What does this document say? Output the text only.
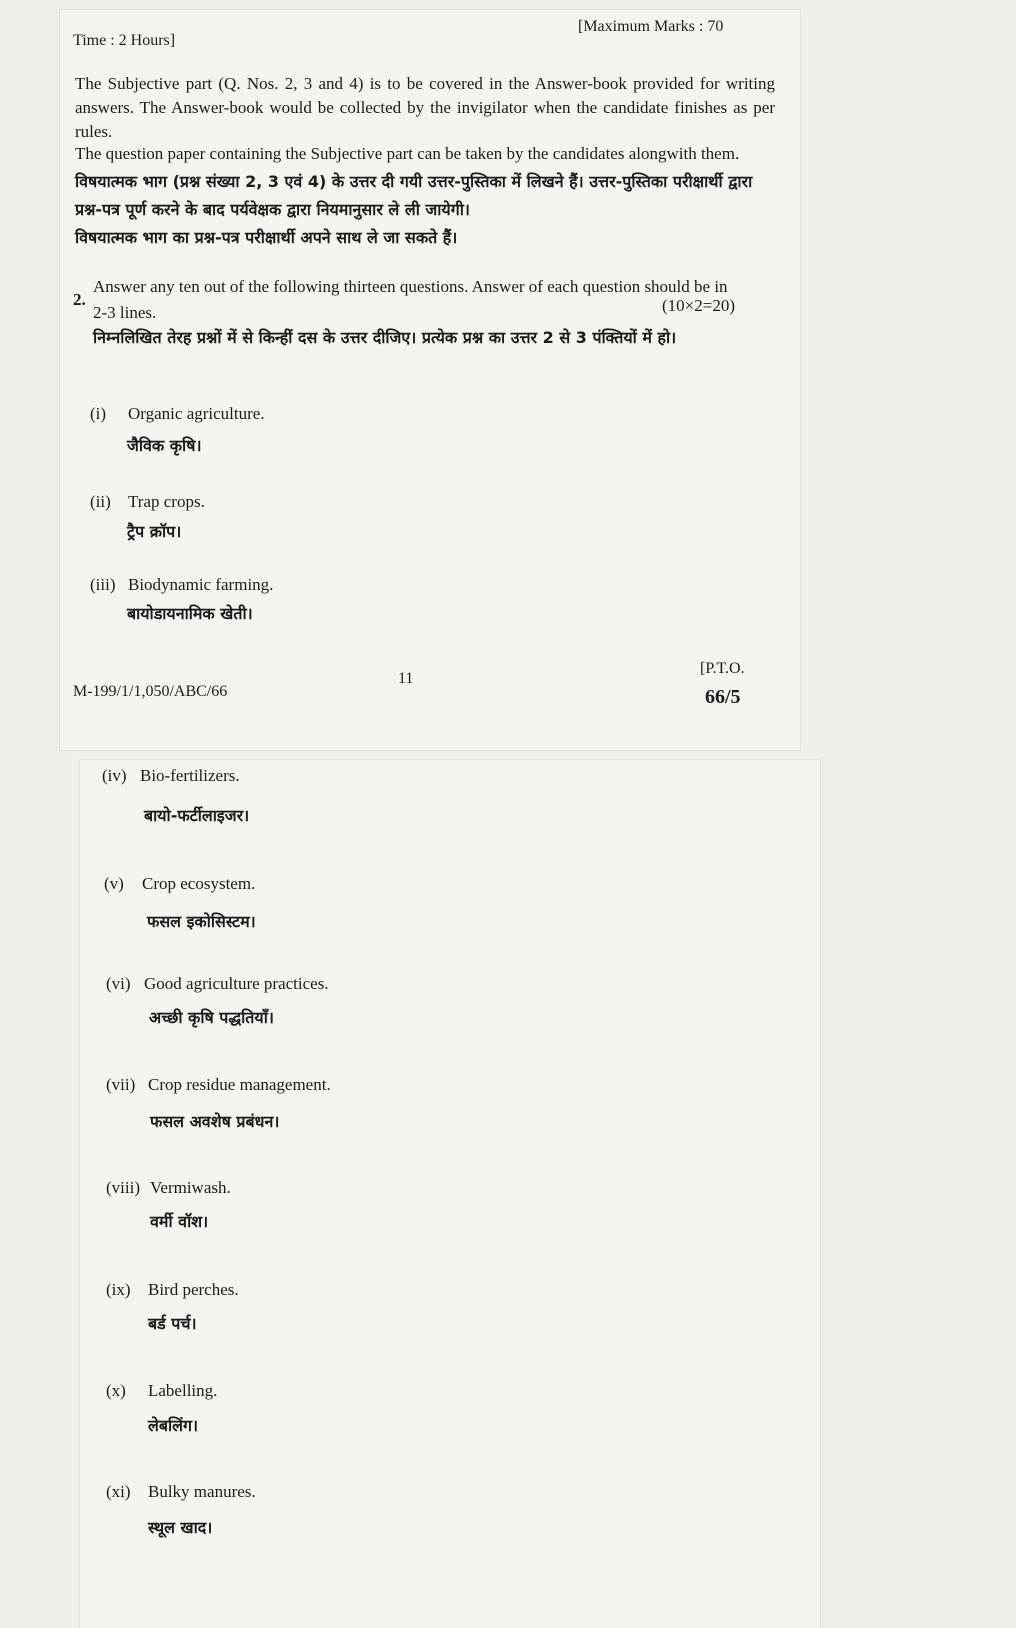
Time : 2 Hours]
[Maximum Marks : 70
The Subjective part (Q. Nos. 2, 3 and 4) is to be covered in the Answer-book provided for writing answers. The Answer-book would be collected by the invigilator when the candidate finishes as per rules.
The question paper containing the Subjective part can be taken by the candidates alongwith them.
विषयात्मक भाग (प्रश्न संख्या 2, 3 एवं 4) के उत्तर दी गयी उत्तर-पुस्तिका में लिखने हैं। उत्तर-पुस्तिका परीक्षार्थी द्वारा प्रश्न-पत्र पूर्ण करने के बाद पर्यवेक्षक द्वारा नियमानुसार ले ली जायेगी।
विषयात्मक भाग का प्रश्न-पत्र परीक्षार्थी अपने साथ ले जा सकते हैं।
2.
Answer any ten out of the following thirteen questions. Answer of each question should be in 2-3 lines.	(10×2=20)
निम्नलिखित तेरह प्रश्नों में से किन्हीं दस के उत्तर दीजिए। प्रत्येक प्रश्न का उत्तर 2 से 3 पंक्तियों में हो।
(i) Organic agriculture.
जैविक कृषि।
(ii) Trap crops.
ट्रैप क्रॉप।
(iii) Biodynamic farming.
बायोडायनामिक खेती।
M-199/1/1,050/ABC/66
11
[P.T.O.
66/5
(iv) Bio-fertilizers.
बायो-फर्टीलाइजर।
(v) Crop ecosystem.
फसल इकोसिस्टम।
(vi) Good agriculture practices.
अच्छी कृषि पद्धतियाँ।
(vii) Crop residue management.
फसल अवशेष प्रबंधन।
(viii) Vermiwash.
वर्मी वॉश।
(ix) Bird perches.
बर्ड पर्च।
(x) Labelling.
लेबलिंग।
(xi) Bulky manures.
स्थूल खाद।
